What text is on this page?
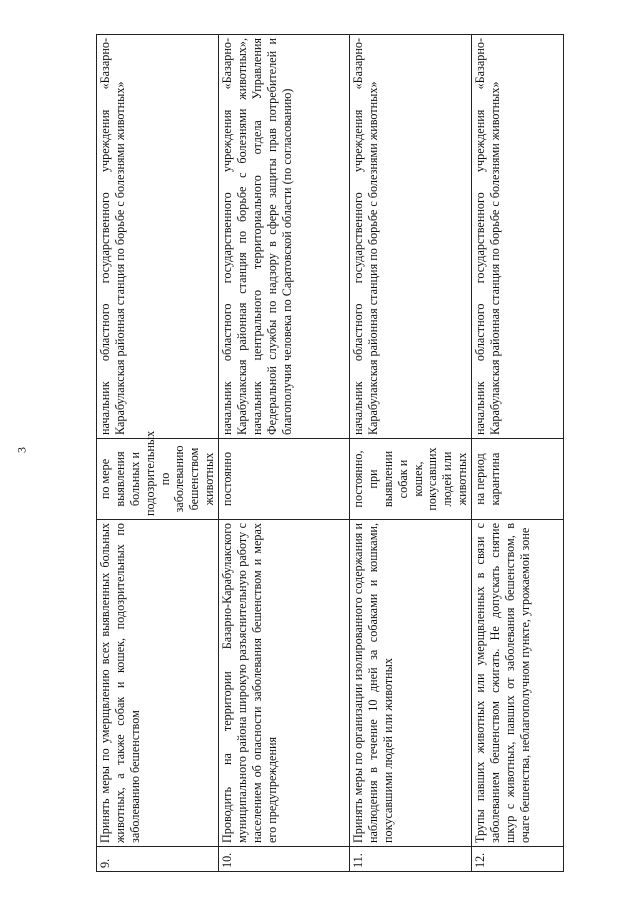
3
9.	Принять меры по умерщвлению всех выявленных больных животных, а также собак и кошек, подозрительных по заболеванию бешенством	по мере выявления больных и подозрительных по заболеванию бешенством животных	начальник областного государственного учреждения «Базарно-Карабулакская районная станция по борьбе с болезнями животных»
10.	Проводить на территории Базарно-Карабулакского муниципального района широкую разъяснительную работу с населением об опасности заболевания бешенством и мерах его предупреждения	постоянно	начальник областного государственного учреждения «Базарно-Карабулакская районная станция по борьбе с болезнями животных», начальник центрального территориального отдела Управления Федеральной службы по надзору в сфере защиты прав потребителей и благополучия человека по Саратовской области (по согласованию)
11.	Принять меры по организации изолированного содержания и наблюдения в течение 10 дней за собаками и кошками, покусавшими людей или животных	постоянно, при выявлении собак и кошек, покусавших людей или животных	начальник областного государственного учреждения «Базарно-Карабулакская районная станция по борьбе с болезнями животных»
12.	Трупы павших животных или умерщвленных в связи с заболеванием бешенством сжигать. Не допускать снятие шкур с животных, павших от заболевания бешенством, в очаге бешенства, неблагополучном пункте, угрожаемой зоне	на период карантина	начальник областного государственного учреждения «Базарно-Карабулакская районная станция по борьбе с болезнями животных»
